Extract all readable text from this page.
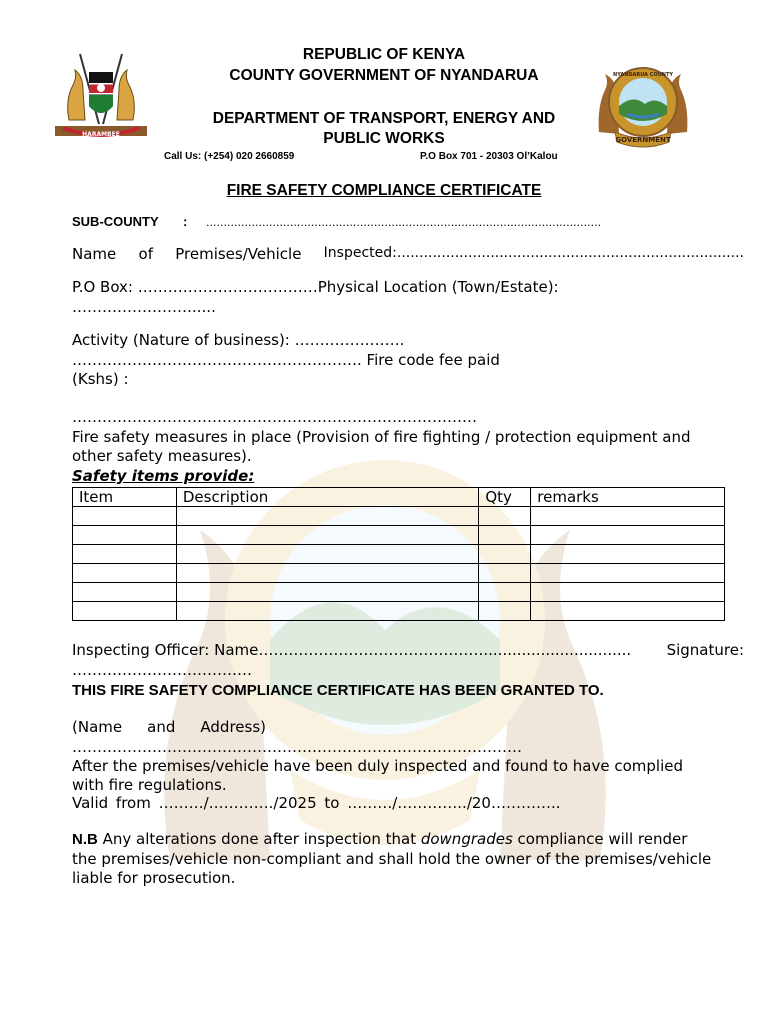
HARAMBEE
GOVERNMENT
NYANDARUA COUNTY
REPUBLIC OF KENYA
COUNTY GOVERNMENT OF NYANDARUA
DEPARTMENT OF TRANSPORT, ENERGY AND
PUBLIC WORKS
Call Us: (+254) 020 2660859	P.O Box 701 - 20303 Ol’Kalou
FIRE SAFETY COMPLIANCE CERTIFICATE
SUB-COUNTY : .................................................................................................................
Name of Premises/Vehicle Inspected:..............................................................................
P.O Box: ………………………………Physical Location (Town/Estate):
…………………….....
Activity (Nature of business): ………………….
…………………………………………………. Fire code fee paid
(Kshs) :
………………………………………………………………………
Fire safety measures in place (Provision of fire fighting / protection equipment and
other safety measures).
Safety items provide:
Item	Description	Qty	remarks

Inspecting Officer: Name………………………………………............................... Signature:
………………………………
THIS FIRE SAFETY COMPLIANCE CERTIFICATE HAS BEEN GRANTED TO.
(Name and Address)
………………………………………………………………………………
After the premises/vehicle have been duly inspected and found to have complied
with fire regulations.
Valid from ………/…………./2025 to ………/…………../20…………..
N.B Any alterations done after inspection that downgrades compliance will render
the premises/vehicle non-compliant and shall hold the owner of the premises/vehicle
liable for prosecution.
